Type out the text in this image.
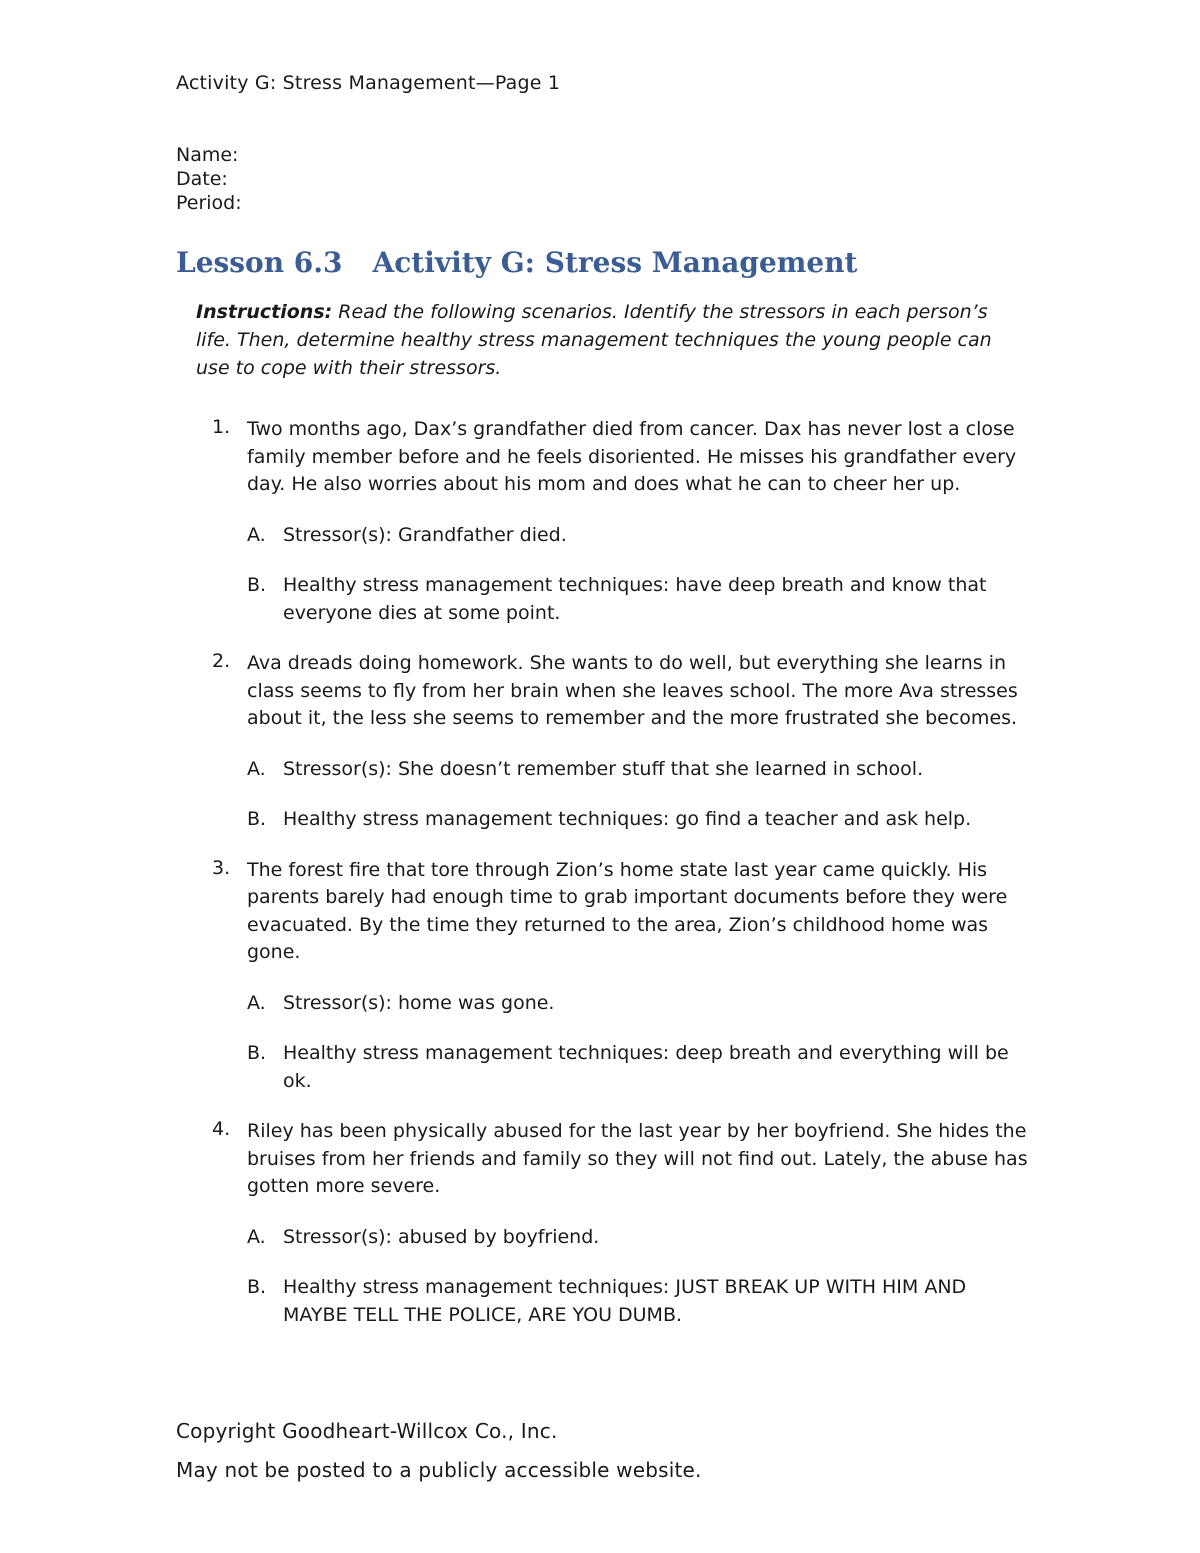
Activity G: Stress Management—Page 1
Name:
Date:
Period:
Lesson 6.3 Activity G: Stress Management
Instructions: Read the following scenarios. Identify the stressors in each person’s life. Then, determine healthy stress management techniques the young people can use to cope with their stressors.
1. Two months ago, Dax’s grandfather died from cancer. Dax has never lost a close family member before and he feels disoriented. He misses his grandfather every day. He also worries about his mom and does what he can to cheer her up.
A. Stressor(s): Grandfather died.
B. Healthy stress management techniques: have deep breath and know that everyone dies at some point.
2. Ava dreads doing homework. She wants to do well, but everything she learns in class seems to fly from her brain when she leaves school. The more Ava stresses about it, the less she seems to remember and the more frustrated she becomes.
A. Stressor(s): She doesn’t remember stuff that she learned in school.
B. Healthy stress management techniques: go find a teacher and ask help.
3. The forest fire that tore through Zion’s home state last year came quickly. His parents barely had enough time to grab important documents before they were evacuated. By the time they returned to the area, Zion’s childhood home was gone.
A. Stressor(s): home was gone.
B. Healthy stress management techniques: deep breath and everything will be ok.
4. Riley has been physically abused for the last year by her boyfriend. She hides the bruises from her friends and family so they will not find out. Lately, the abuse has gotten more severe.
A. Stressor(s): abused by boyfriend.
B. Healthy stress management techniques: JUST BREAK UP WITH HIM AND MAYBE TELL THE POLICE, ARE YOU DUMB.
Copyright Goodheart-Willcox Co., Inc.
May not be posted to a publicly accessible website.
